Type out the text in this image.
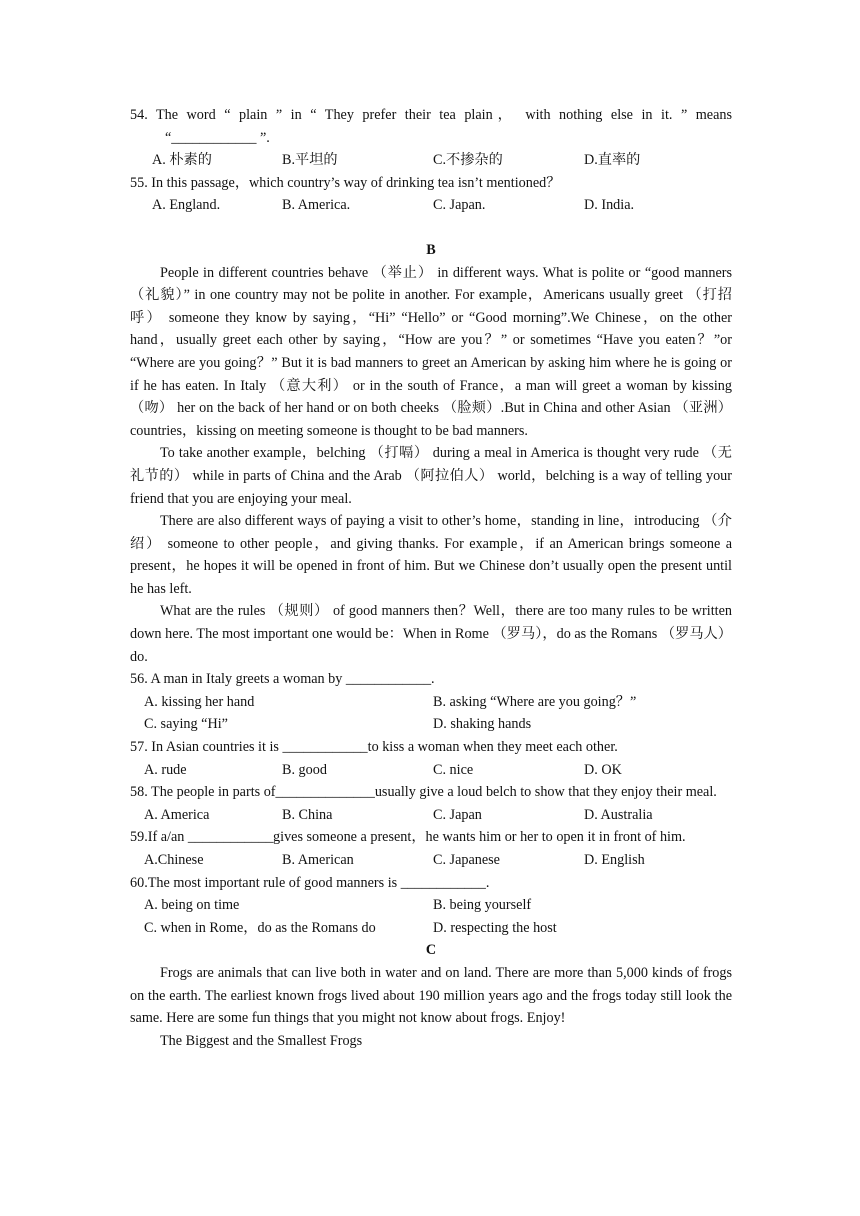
54. The word “ plain ” in “ They prefer their tea plain， with nothing else in it. ” means
“____________ ”.
A. 朴素的	B.平坦的	C.不掺杂的	D.直率的
55. In this passage，which country’s way of drinking tea isn’t mentioned？
A. England.	B. America.	C. Japan.	D. India.
B

People in different countries behave （举止） in different ways. What is polite or “good manners （礼貌）” in one country may not be polite in another. For example，Americans usually greet （打招呼） someone they know by saying，“Hi” “Hello” or “Good morning”.We Chinese，on the other hand，usually greet each other by saying，“How are you？” or sometimes “Have you eaten？”or “Where are you going？” But it is bad manners to greet an American by asking him where he is going or if he has eaten. In Italy （意大利） or in the south of France，a man will greet a woman by kissing （吻） her on the back of her hand or on both cheeks （脸颊）.But in China and other Asian （亚洲） countries，kissing on meeting someone is thought to be bad manners.

To take another example，belching （打嗝） during a meal in America is thought very rude （无礼节的） while in parts of China and the Arab （阿拉伯人） world，belching is a way of telling your friend that you are enjoying your meal.

There are also different ways of paying a visit to other’s home，standing in line，introducing （介绍） someone to other people，and giving thanks. For example，if an American brings someone a present，he hopes it will be opened in front of him. But we Chinese don’t usually open the present until he has left.

What are the rules （规则） of good manners then？Well，there are too many rules to be written down here. The most important one would be：When in Rome （罗马），do as the Romans （罗马人） do.

56. A man in Italy greets a woman by ____________.
A. kissing her hand	B. asking “Where are you going？”
C. saying “Hi”	D. shaking hands
57. In Asian countries it is ____________to kiss a woman when they meet each other.
A. rude	B. good	C. nice	D. OK
58. The people in parts of______________usually give a loud belch to show that they enjoy their meal.
A. America	B. China	C. Japan	D. Australia
59.If a/an ____________gives someone a present，he wants him or her to open it in front of him.
A.Chinese	B. American	C. Japanese	D. English
60.The most important rule of good manners is ____________.
A. being on time	B. being yourself
C. when in Rome，do as the Romans do	D. respecting the host
C

Frogs are animals that can live both in water and on land. There are more than 5,000 kinds of frogs on the earth. The earliest known frogs lived about 190 million years ago and the frogs today still look the same. Here are some fun things that you might not know about frogs. Enjoy!

The Biggest and the Smallest Frogs
